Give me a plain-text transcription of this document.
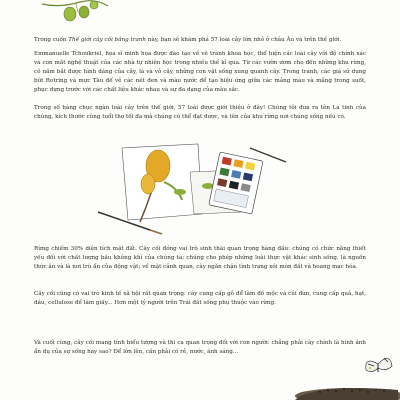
Trong cuốn Thế giới cây cối bằng tranh này, bạn sẽ khám phá 57 loài cây lớn nhỏ ở châu Âu và trên thế giới.

Emmanuelle Tchoukriel, họa sĩ minh họa được đào tạo về vẽ tranh khoa học, thể hiện các loài cây với độ chính xác và con mắt nghệ thuật của các nhà tự nhiên học trong nhiều thế kỉ qua. Từ các vườn ươm cho đến những khu rừng, cô nắm bắt được hình dáng của cây, lá và vỏ cây, những con vật sống xung quanh cây. Trong tranh, các giá sử dụng bút Rotring và mực Tàu để vẽ các nét đen và màu nước để tạo hiệu ứng giữa các mảng màu và mảng trong suốt, phục dựng trước với các chất liệu khác nhau và sự đa dạng của màu sắc.

Trong số hàng chục ngàn loài cây trên thế giới, 57 loài được giới thiệu ở đây! Chúng tôi đưa ra tên La tinh của chúng, kích thước cũng tuổi thọ tối đa mà chúng có thể đạt được, và tên của khu rừng nơi chúng sống nếu có.

Rừng chiếm 30% diện tích mặt đất. Cây cối đóng vai trò sinh thái quan trọng hàng đầu: chúng có chức năng thiết yếu đối với chất lượng bầu không khí của chúng ta; chúng cho phép những loài thực vật khác sinh sống, là nguồn thức ăn và là nơi trú ẩn của động vật; về mặt cảnh quan, cây ngăn chặn tình trạng xói mòn đất và hoang mạc hóa.

Cây cối cũng có vai trò kinh tế xã hội rất quan trọng: cây cung cấp gỗ để làm đồ mộc và củi đun, cung cấp quả, hạt, dầu, cellulose để làm giấy... Hơn một tỷ người trên Trái đất sống phụ thuộc vào rừng.

Và cuối cùng, cây cối mang tính biểu tượng và thi ca quan trọng đối với con người: chẳng phải cây chính là hình ảnh ẩn dụ của sự sống hay sao? Để lớn lên, cần phải có rễ, nước, ánh sáng...
